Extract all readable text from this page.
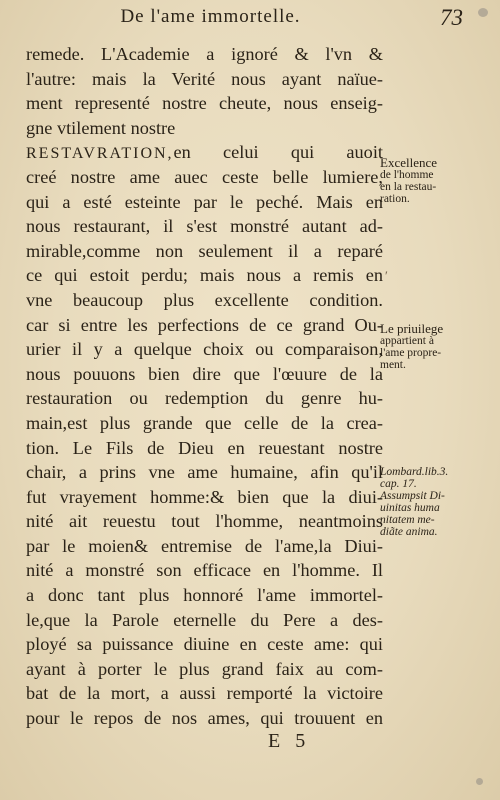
De l'ame immortelle.	73
remede. L'Academie a ignoré & l'vn &
l'autre: mais la Verité nous ayant naïue-
ment representé nostre cheute, nous enseig-
gne vtilement nostre
RESTAVRATION,en celui qui auoit
creé nostre ame auec ceste belle lumiere,
qui a esté esteinte par le peché. Mais en
nous restaurant, il s'est monstré autant ad-
mirable,comme non seulement il a reparé
ce qui estoit perdu; mais nous a remis en
vne beaucoup plus excellente condition.
car si entre les perfections de ce grand Ou-
urier il y a quelque choix ou comparaison,
nous pouuons bien dire que l'œuure de la
restauration ou redemption du genre hu-
main,est plus grande que celle de la crea-
tion. Le Fils de Dieu en reuestant nostre
chair, a prins vne ame humaine, afin qu'il
fut vrayement homme:& bien que la diui-
nité ait reuestu tout l'homme, neantmoins
par le moien& entremise de l'ame,la Diui-
nité a monstré son efficace en l'homme. Il
a donc tant plus honnoré l'ame immortel-
le,que la Parole eternelle du Pere a des-
ployé sa puissance diuine en ceste ame: qui
ayant à porter le plus grand faix au com-
bat de la mort, a aussi remporté la victoire
pour le repos de nos ames, qui trouuent en
Excellence
de l'homme
en la restau-
ration.
ʹ
Le priuilege
appartient à
l'ame propre-
ment.
Lombard.lib.3.
cap. 17.
Assumpsit Di-
uinitas huma
nitatem me-
diãte anima.
E 5
